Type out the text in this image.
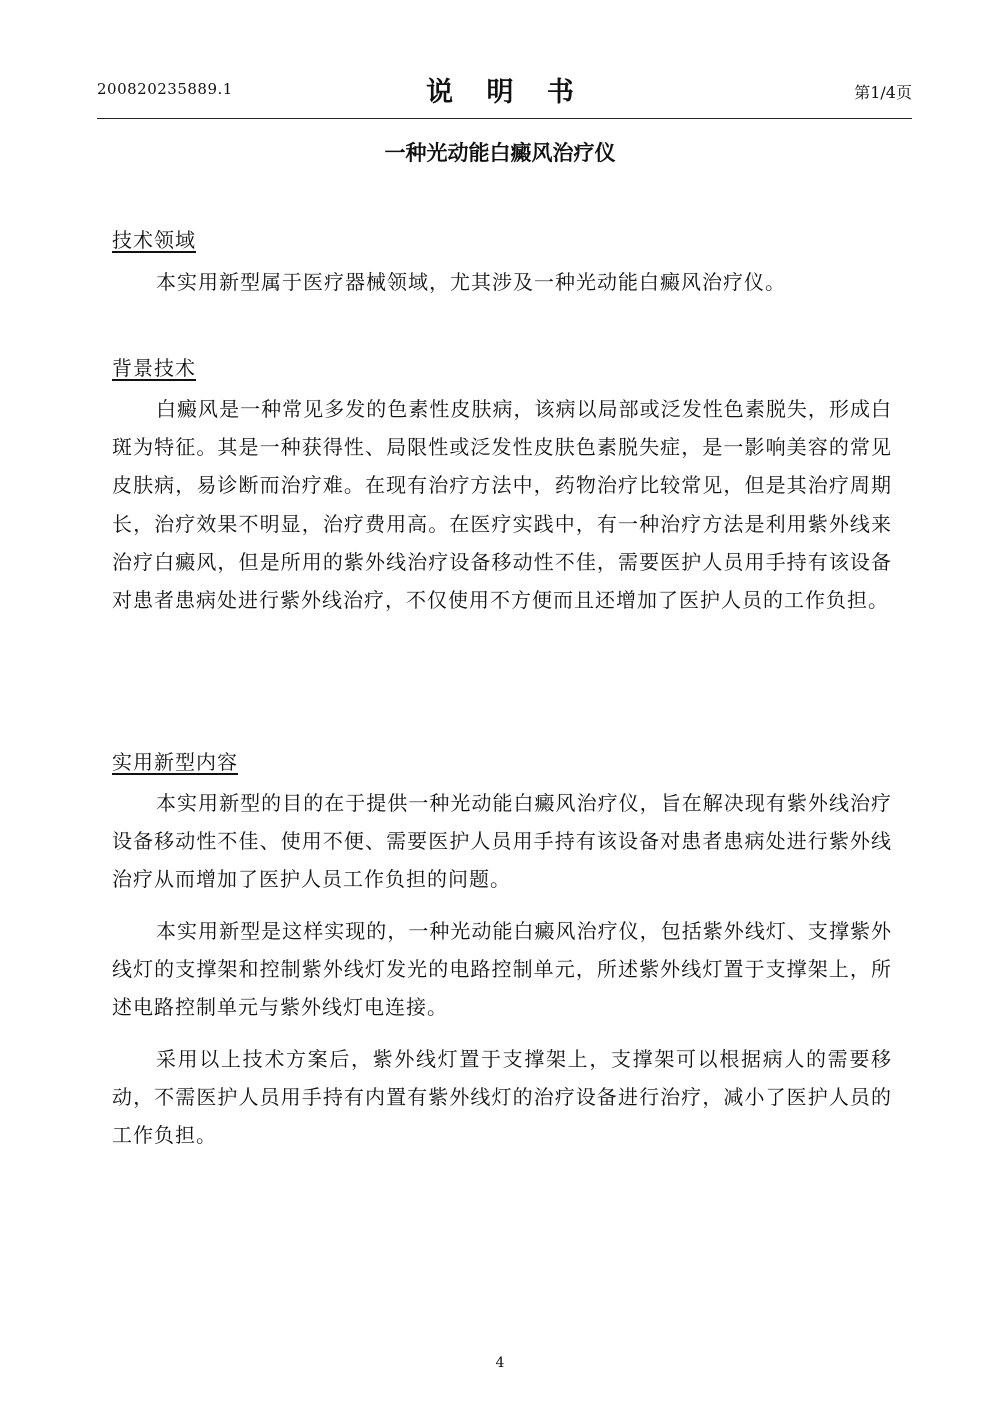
200820235889.1	说 明 书	第1/4页
一种光动能白癜风治疗仪
技术领域
本实用新型属于医疗器械领域，尤其涉及一种光动能白癜风治疗仪。
背景技术
白癜风是一种常见多发的色素性皮肤病，该病以局部或泛发性色素脱失，形成白斑为特征。其是一种获得性、局限性或泛发性皮肤色素脱失症，是一影响美容的常见皮肤病，易诊断而治疗难。在现有治疗方法中，药物治疗比较常见，但是其治疗周期长，治疗效果不明显，治疗费用高。在医疗实践中，有一种治疗方法是利用紫外线来治疗白癜风，但是所用的紫外线治疗设备移动性不佳，需要医护人员用手持有该设备对患者患病处进行紫外线治疗，不仅使用不方便而且还增加了医护人员的工作负担。
实用新型内容
本实用新型的目的在于提供一种光动能白癜风治疗仪，旨在解决现有紫外线治疗设备移动性不佳、使用不便、需要医护人员用手持有该设备对患者患病处进行紫外线治疗从而增加了医护人员工作负担的问题。
本实用新型是这样实现的，一种光动能白癜风治疗仪，包括紫外线灯、支撑紫外线灯的支撑架和控制紫外线灯发光的电路控制单元，所述紫外线灯置于支撑架上，所述电路控制单元与紫外线灯电连接。
采用以上技术方案后，紫外线灯置于支撑架上，支撑架可以根据病人的需要移动，不需医护人员用手持有内置有紫外线灯的治疗设备进行治疗，减小了医护人员的工作负担。
4
